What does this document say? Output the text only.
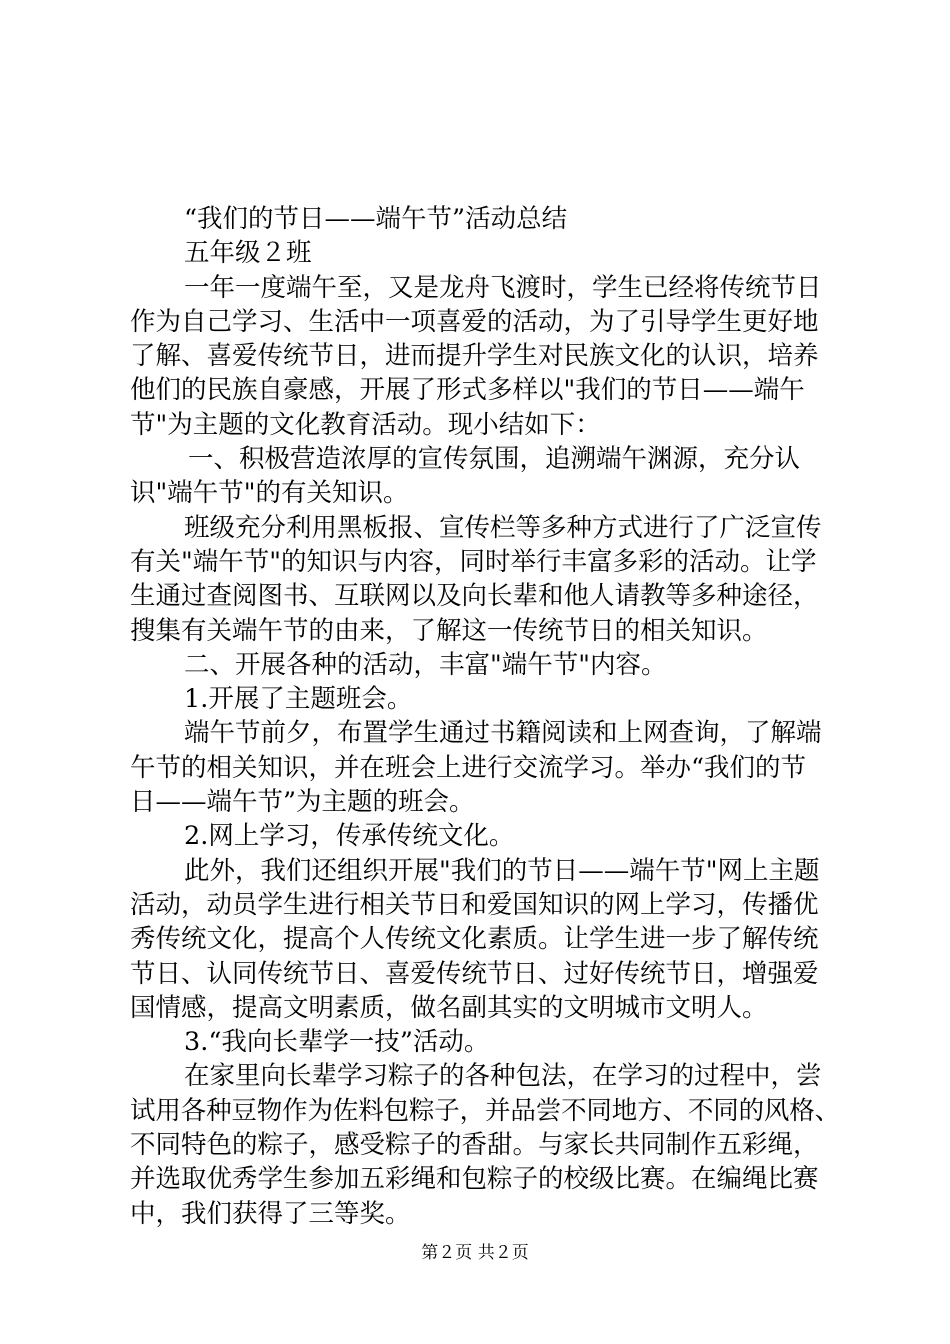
“我们的节日——端午节”活动总结
五年级２班
一年一度端午至，又是龙舟飞渡时，学生已经将传统节日
作为自己学习、生活中一项喜爱的活动，为了引导学生更好地
了解、喜爱传统节日，进而提升学生对民族文化的认识，培养
他们的民族自豪感，开展了形式多样以"我们的节日——端午
节"为主题的文化教育活动。现小结如下：
一、积极营造浓厚的宣传氛围，追溯端午渊源，充分认
识"端午节"的有关知识。
班级充分利用黑板报、宣传栏等多种方式进行了广泛宣传
有关"端午节"的知识与内容，同时举行丰富多彩的活动。让学
生通过查阅图书、互联网以及向长辈和他人请教等多种途径，
搜集有关端午节的由来，了解这一传统节日的相关知识。
二、开展各种的活动，丰富"端午节"内容。
1.开展了主题班会。
端午节前夕，布置学生通过书籍阅读和上网查询，了解端
午节的相关知识，并在班会上进行交流学习。举办“我们的节
日——端午节”为主题的班会。
2.网上学习，传承传统文化。
此外，我们还组织开展"我们的节日——端午节"网上主题
活动，动员学生进行相关节日和爱国知识的网上学习，传播优
秀传统文化，提高个人传统文化素质。让学生进一步了解传统
节日、认同传统节日、喜爱传统节日、过好传统节日，增强爱
国情感，提高文明素质，做名副其实的文明城市文明人。
3.“我向长辈学一技”活动。
在家里向长辈学习粽子的各种包法，在学习的过程中，尝
试用各种豆物作为佐料包粽子，并品尝不同地方、不同的风格、
不同特色的粽子，感受粽子的香甜。与家长共同制作五彩绳，
并选取优秀学生参加五彩绳和包粽子的校级比赛。在编绳比赛
中，我们获得了三等奖。
第２页 共２页
